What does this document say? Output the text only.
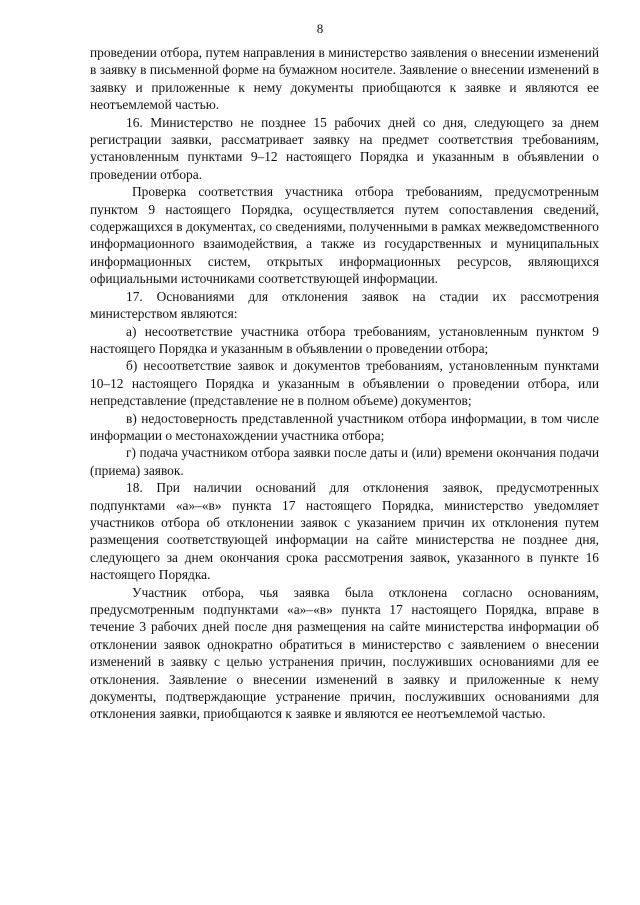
8

проведении отбора, путем направления в министерство заявления о внесении изменений в заявку в письменной форме на бумажном носителе. Заявление о внесении изменений в заявку и приложенные к нему документы приобщаются к заявке и являются ее неотъемлемой частью.

16. Министерство не позднее 15 рабочих дней со дня, следующего за днем регистрации заявки, рассматривает заявку на предмет соответствия требованиям, установленным пунктами 9–12 настоящего Порядка и указанным в объявлении о проведении отбора.

Проверка соответствия участника отбора требованиям, предусмотренным пунктом 9 настоящего Порядка, осуществляется путем сопоставления сведений, содержащихся в документах, со сведениями, полученными в рамках межведомственного информационного взаимодействия, а также из государственных и муниципальных информационных систем, открытых информационных ресурсов, являющихся официальными источниками соответствующей информации.

17. Основаниями для отклонения заявок на стадии их рассмотрения министерством являются:

а) несоответствие участника отбора требованиям, установленным пунктом 9 настоящего Порядка и указанным в объявлении о проведении отбора;

б) несоответствие заявок и документов требованиям, установленным пунктами 10–12 настоящего Порядка и указанным в объявлении о проведении отбора, или непредставление (представление не в полном объеме) документов;

в) недостоверность представленной участником отбора информации, в том числе информации о местонахождении участника отбора;

г) подача участником отбора заявки после даты и (или) времени окончания подачи (приема) заявок.

18. При наличии оснований для отклонения заявок, предусмотренных подпунктами «а»–«в» пункта 17 настоящего Порядка, министерство уведомляет участников отбора об отклонении заявок с указанием причин их отклонения путем размещения соответствующей информации на сайте министерства не позднее дня, следующего за днем окончания срока рассмотрения заявок, указанного в пункте 16 настоящего Порядка.

Участник отбора, чья заявка была отклонена согласно основаниям, предусмотренным подпунктами «а»–«в» пункта 17 настоящего Порядка, вправе в течение 3 рабочих дней после дня размещения на сайте министерства информации об отклонении заявок однократно обратиться в министерство с заявлением о внесении изменений в заявку с целью устранения причин, послуживших основаниями для ее отклонения. Заявление о внесении изменений в заявку и приложенные к нему документы, подтверждающие устранение причин, послуживших основаниями для отклонения заявки, приобщаются к заявке и являются ее неотъемлемой частью.
